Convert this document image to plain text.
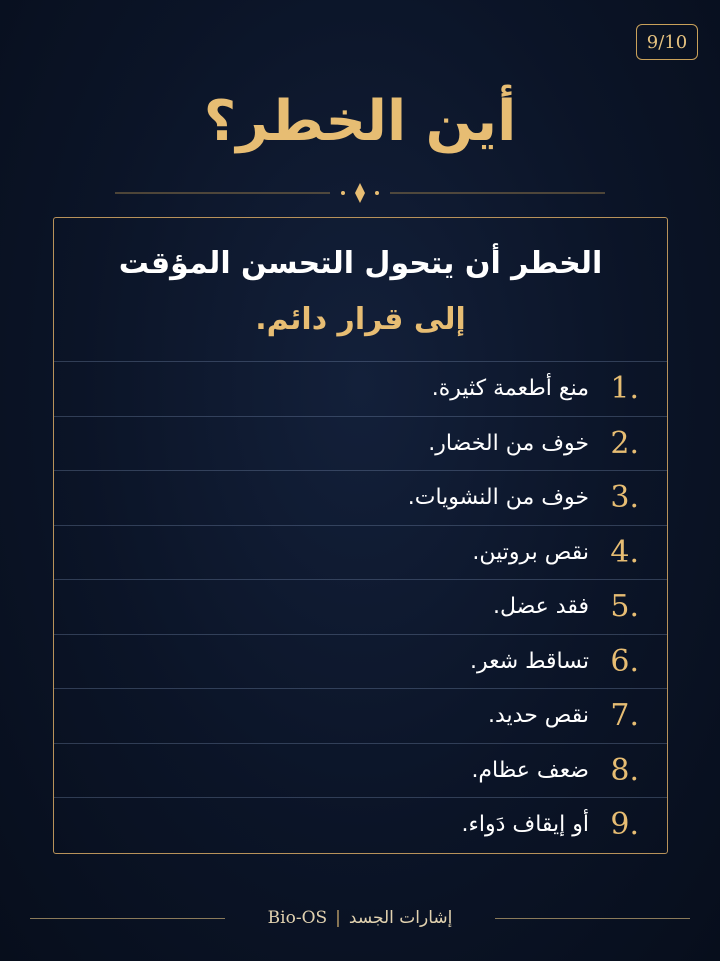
9/10
أين الخطر؟
الخطر أن يتحول التحسن المؤقت
إلى قرار دائم.
1.
منع أطعمة كثيرة.
2.
خوف من الخضار.
3.
خوف من النشويات.
4.
نقص بروتين.
5.
فقد عضل.
6.
تساقط شعر.
7.
نقص حديد.
8.
ضعف عظام.
9.
أو إيقاف دَواء.
Bio-OS | إشارات الجسد
